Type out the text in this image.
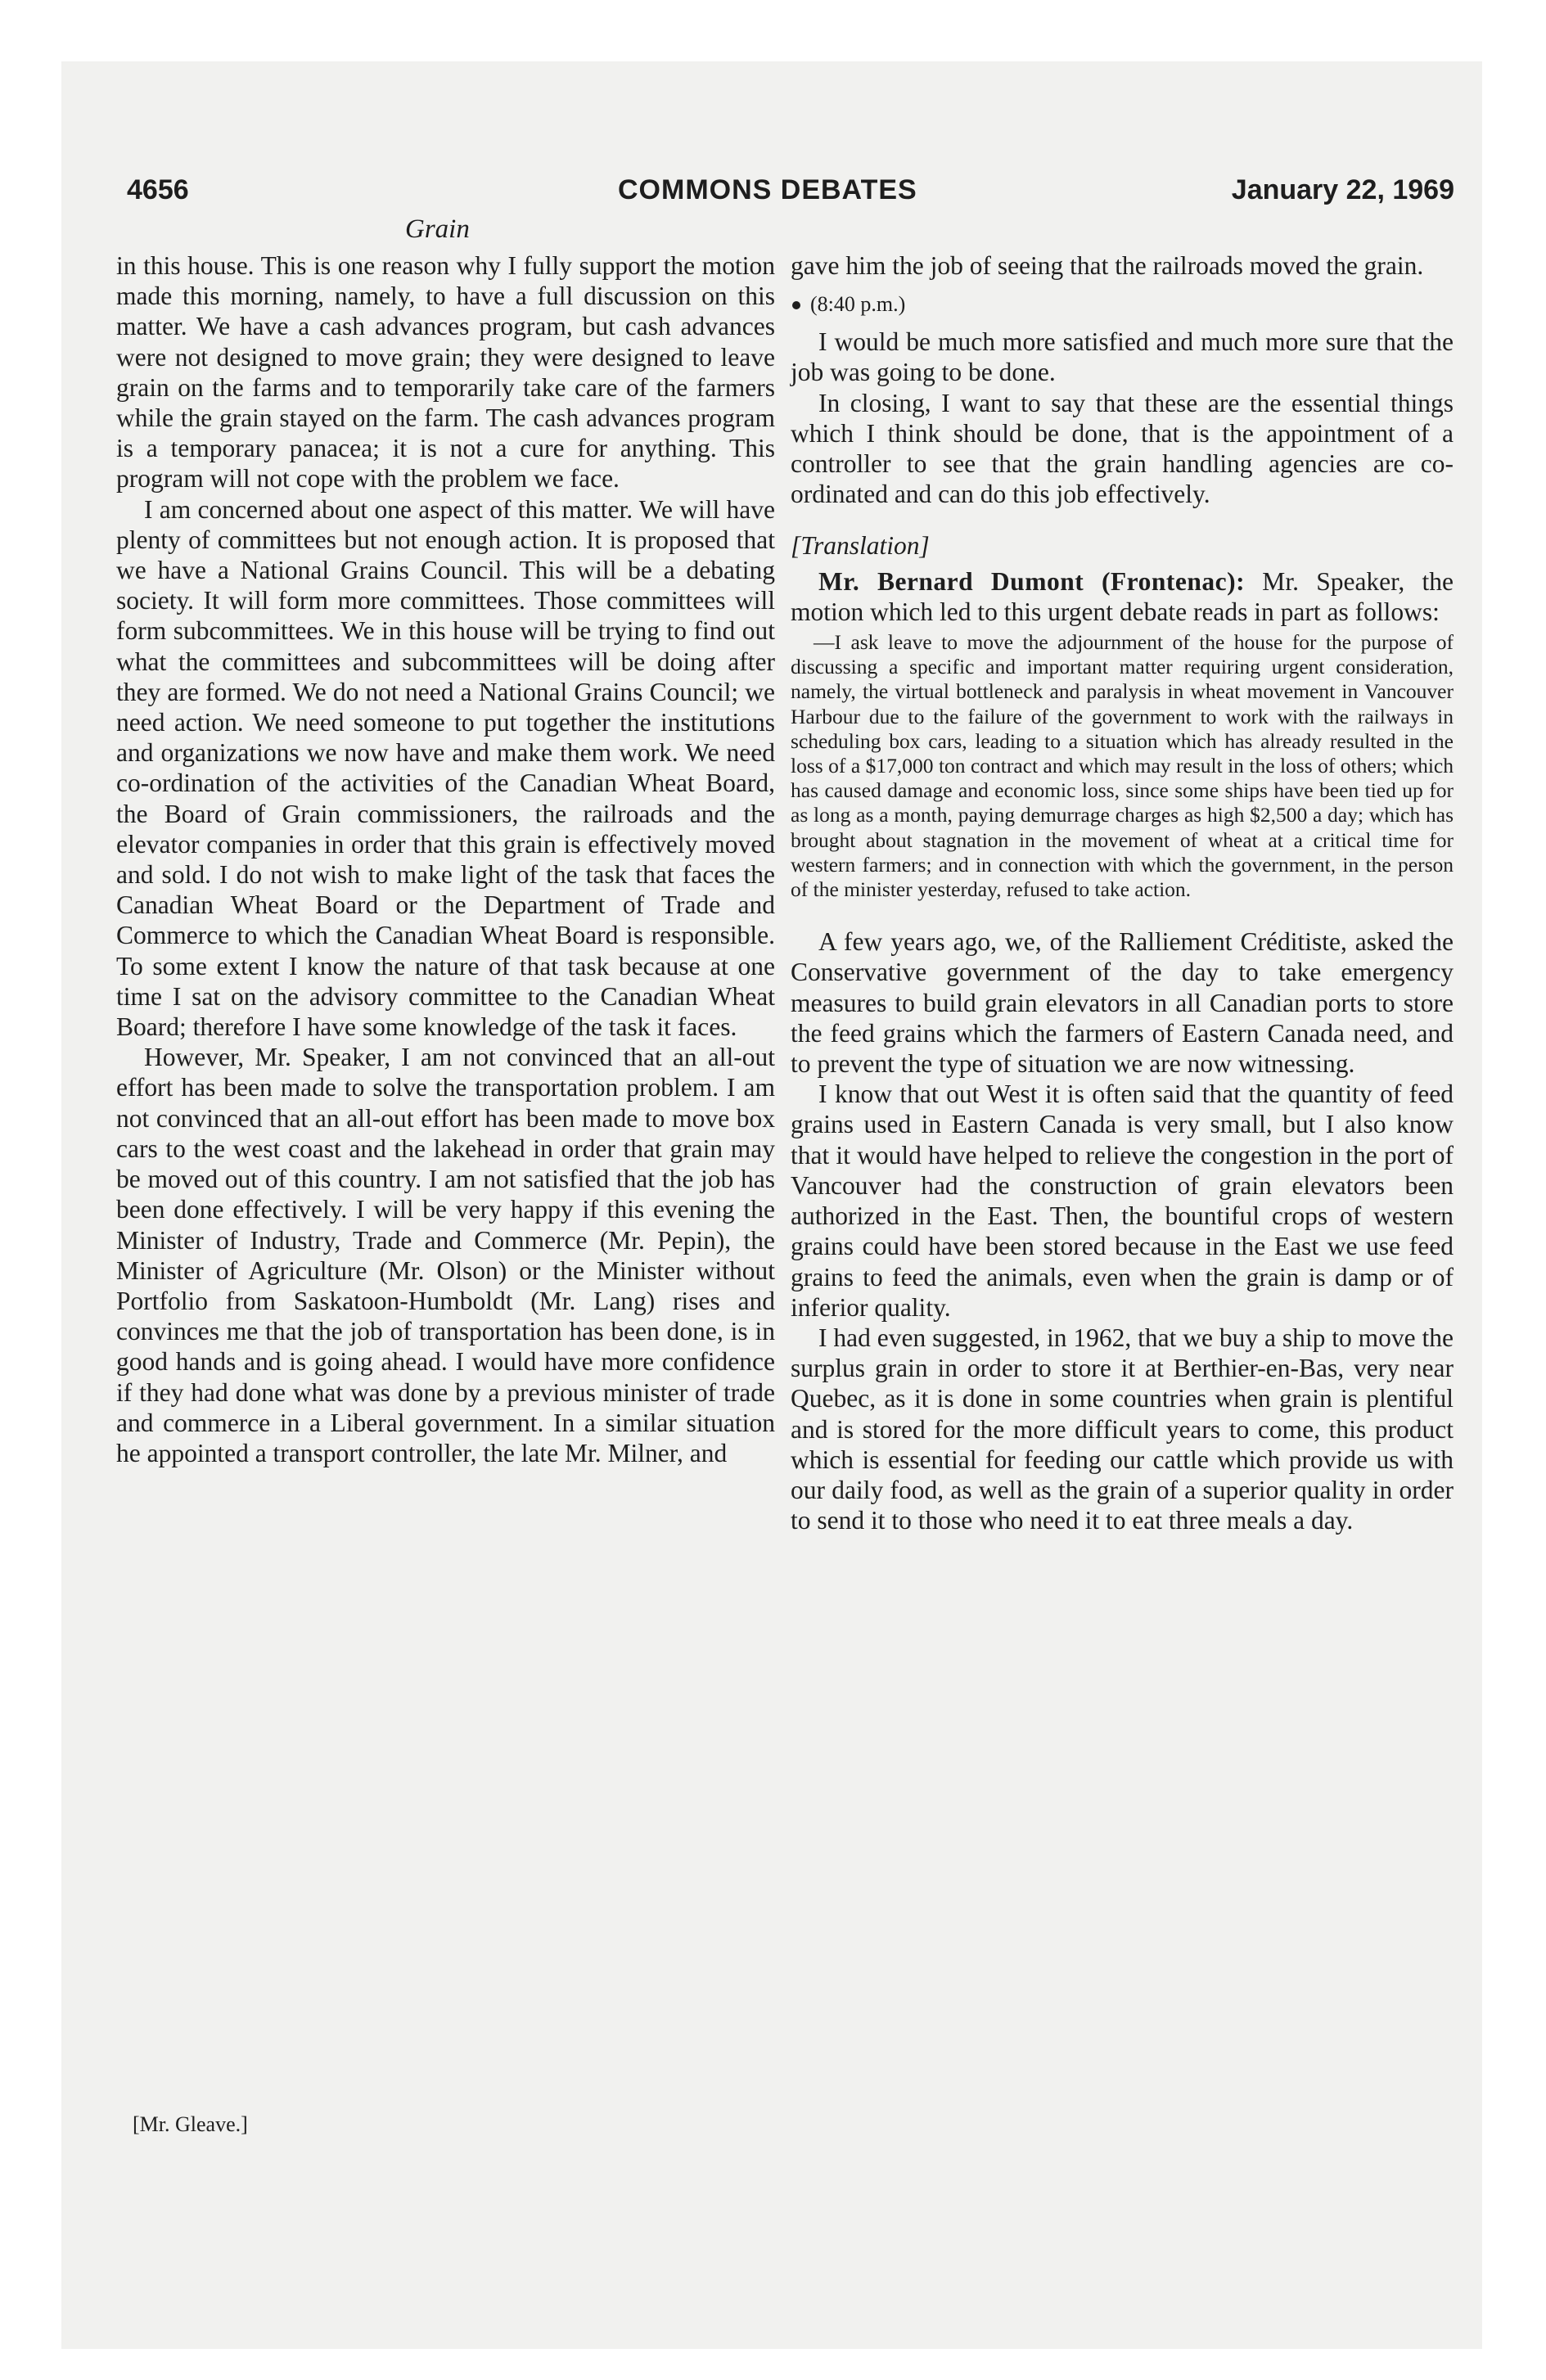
4656	COMMONS DEBATES	January 22, 1969
Grain

in this house. This is one reason why I fully support the motion made this morning, namely, to have a full discussion on this matter. We have a cash advances program, but cash advances were not designed to move grain; they were designed to leave grain on the farms and to temporarily take care of the farmers while the grain stayed on the farm. The cash advances program is a temporary panacea; it is not a cure for anything. This program will not cope with the problem we face.

I am concerned about one aspect of this matter. We will have plenty of committees but not enough action. It is proposed that we have a National Grains Council. This will be a debating society. It will form more committees. Those committees will form subcommittees. We in this house will be trying to find out what the committees and subcommittees will be doing after they are formed. We do not need a National Grains Council; we need action. We need someone to put together the institutions and organizations we now have and make them work. We need co-ordination of the activities of the Canadian Wheat Board, the Board of Grain commissioners, the railroads and the elevator companies in order that this grain is effectively moved and sold. I do not wish to make light of the task that faces the Canadian Wheat Board or the Department of Trade and Commerce to which the Canadian Wheat Board is responsible. To some extent I know the nature of that task because at one time I sat on the advisory committee to the Canadian Wheat Board; therefore I have some knowledge of the task it faces.

However, Mr. Speaker, I am not convinced that an all-out effort has been made to solve the transportation problem. I am not convinced that an all-out effort has been made to move box cars to the west coast and the lakehead in order that grain may be moved out of this country. I am not satisfied that the job has been done effectively. I will be very happy if this evening the Minister of Industry, Trade and Commerce (Mr. Pepin), the Minister of Agriculture (Mr. Olson) or the Minister without Portfolio from Saskatoon-Humboldt (Mr. Lang) rises and convinces me that the job of transportation has been done, is in good hands and is going ahead. I would have more confidence if they had done what was done by a previous minister of trade and commerce in a Liberal government. In a similar situation he appointed a transport controller, the late Mr. Milner, and

[Mr. Gleave.]

gave him the job of seeing that the railroads moved the grain.

(8:40 p.m.)

I would be much more satisfied and much more sure that the job was going to be done.

In closing, I want to say that these are the essential things which I think should be done, that is the appointment of a controller to see that the grain handling agencies are co-ordinated and can do this job effectively.

[Translation]

Mr. Bernard Dumont (Frontenac): Mr. Speaker, the motion which led to this urgent debate reads in part as follows:

—I ask leave to move the adjournment of the house for the purpose of discussing a specific and important matter requiring urgent consideration, namely, the virtual bottleneck and paralysis in wheat movement in Vancouver Harbour due to the failure of the government to work with the railways in scheduling box cars, leading to a situation which has already resulted in the loss of a $17,000 ton contract and which may result in the loss of others; which has caused damage and economic loss, since some ships have been tied up for as long as a month, paying demurrage charges as high $2,500 a day; which has brought about stagnation in the movement of wheat at a critical time for western farmers; and in connection with which the government, in the person of the minister yesterday, refused to take action.

A few years ago, we, of the Ralliement Créditiste, asked the Conservative government of the day to take emergency measures to build grain elevators in all Canadian ports to store the feed grains which the farmers of Eastern Canada need, and to prevent the type of situation we are now witnessing.

I know that out West it is often said that the quantity of feed grains used in Eastern Canada is very small, but I also know that it would have helped to relieve the congestion in the port of Vancouver had the construction of grain elevators been authorized in the East. Then, the bountiful crops of western grains could have been stored because in the East we use feed grains to feed the animals, even when the grain is damp or of inferior quality.

I had even suggested, in 1962, that we buy a ship to move the surplus grain in order to store it at Berthier-en-Bas, very near Quebec, as it is done in some countries when grain is plentiful and is stored for the more difficult years to come, this product which is essential for feeding our cattle which provide us with our daily food, as well as the grain of a superior quality in order to send it to those who need it to eat three meals a day.
